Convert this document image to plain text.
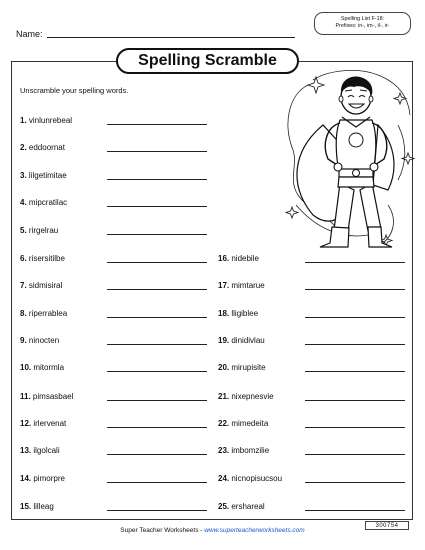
Name:
Spelling List F-18:
Prefixes: in-, im-, il-, ir-
Spelling Scramble
Unscramble your spelling words.
1. vinlunrebeal
2. eddoornat
3. lilgetimitae
4. mipcratilac
5. rirgelrau
6. risersitilbe
7. sidmisiral
8. riperrablea
9. ninocten
10. mitormla
11. pimsasbael
12. irlervenat
13. ilgolcali
14. pimorpre
15. lilleag
16. nidebile
17. mimtarue
18. lligiblee
19. dinidivlau
20. mirupisite
21. nixepnesvie
22. mimedeita
23. imbomzilie
24. nicnopisucsou
25. ershareal
Super Teacher Worksheets - www.superteacherworksheets.com
300754
